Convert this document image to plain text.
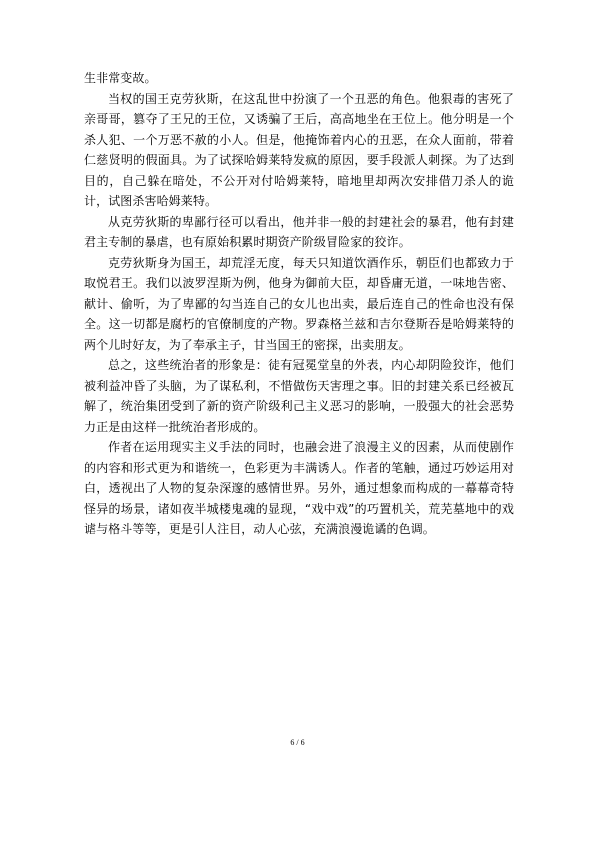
生非常变故。

当权的国王克劳狄斯，在这乱世中扮演了一个丑恶的角色。他狠毒的害死了亲哥哥，篡夺了王兄的王位，又诱骗了王后，高高地坐在王位上。他分明是一个杀人犯、一个万恶不赦的小人。但是，他掩饰着内心的丑恶，在众人面前，带着仁慈贤明的假面具。为了试探哈姆莱特发疯的原因，要手段派人刺探。为了达到目的，自己躲在暗处，不公开对付哈姆莱特，暗地里却两次安排借刀杀人的诡计，试图杀害哈姆莱特。

从克劳狄斯的卑鄙行径可以看出，他并非一般的封建社会的暴君，他有封建君主专制的暴虐，也有原始积累时期资产阶级冒险家的狡诈。

克劳狄斯身为国王，却荒淫无度，每天只知道饮酒作乐，朝臣们也都致力于取悦君王。我们以波罗涅斯为例，他身为御前大臣，却昏庸无道，一味地告密、献计、偷听，为了卑鄙的勾当连自己的女儿也出卖，最后连自己的性命也没有保全。这一切都是腐朽的官僚制度的产物。罗森格兰兹和吉尔登斯吞是哈姆莱特的两个儿时好友，为了奉承主子，甘当国王的密探，出卖朋友。

总之，这些统治者的形象是：徒有冠冕堂皇的外表，内心却阴险狡诈，他们被利益冲昏了头脑，为了谋私利，不惜做伤天害理之事。旧的封建关系已经被瓦解了，统治集团受到了新的资产阶级利己主义恶习的影响，一股强大的社会恶势力正是由这样一批统治者形成的。

作者在运用现实主义手法的同时，也融会进了浪漫主义的因素，从而使剧作的内容和形式更为和谐统一，色彩更为丰满诱人。作者的笔触，通过巧妙运用对白，透视出了人物的复杂深邃的感情世界。另外，通过想象而构成的一幕幕奇特怪异的场景，诸如夜半城楼鬼魂的显现，“戏中戏”的巧置机关，荒芜墓地中的戏谑与格斗等等，更是引人注目，动人心弦，充满浪漫诡谲的色调。

6 / 6
